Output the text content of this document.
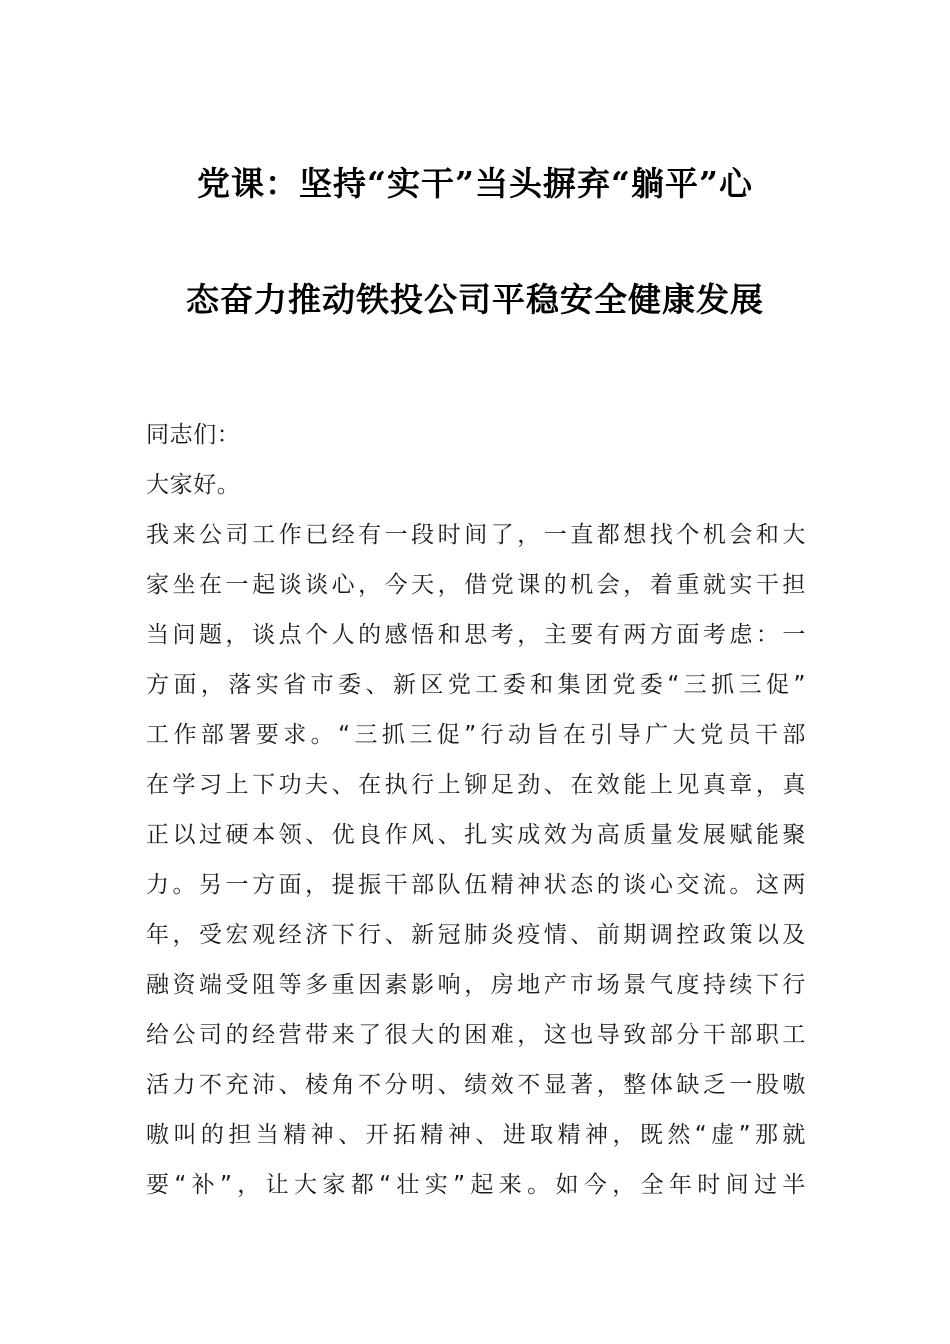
党课：坚持“实干”当头摒弃“躺平”心
态奋力推动铁投公司平稳安全健康发展
同志们：
大家好。
我来公司工作已经有一段时间了，一直都想找个机会和大
家坐在一起谈谈心，今天，借党课的机会，着重就实干担
当问题，谈点个人的感悟和思考，主要有两方面考虑：一
方面，落实省市委、新区党工委和集团党委“三抓三促”
工作部署要求。“三抓三促”行动旨在引导广大党员干部
在学习上下功夫、在执行上铆足劲、在效能上见真章，真
正以过硬本领、优良作风、扎实成效为高质量发展赋能聚
力。另一方面，提振干部队伍精神状态的谈心交流。这两
年，受宏观经济下行、新冠肺炎疫情、前期调控政策以及
融资端受阻等多重因素影响，房地产市场景气度持续下行
给公司的经营带来了很大的困难，这也导致部分干部职工
活力不充沛、棱角不分明、绩效不显著，整体缺乏一股嗷
嗷叫的担当精神、开拓精神、进取精神，既然“虚”那就
要“补”，让大家都“壮实”起来。如今，全年时间过半
